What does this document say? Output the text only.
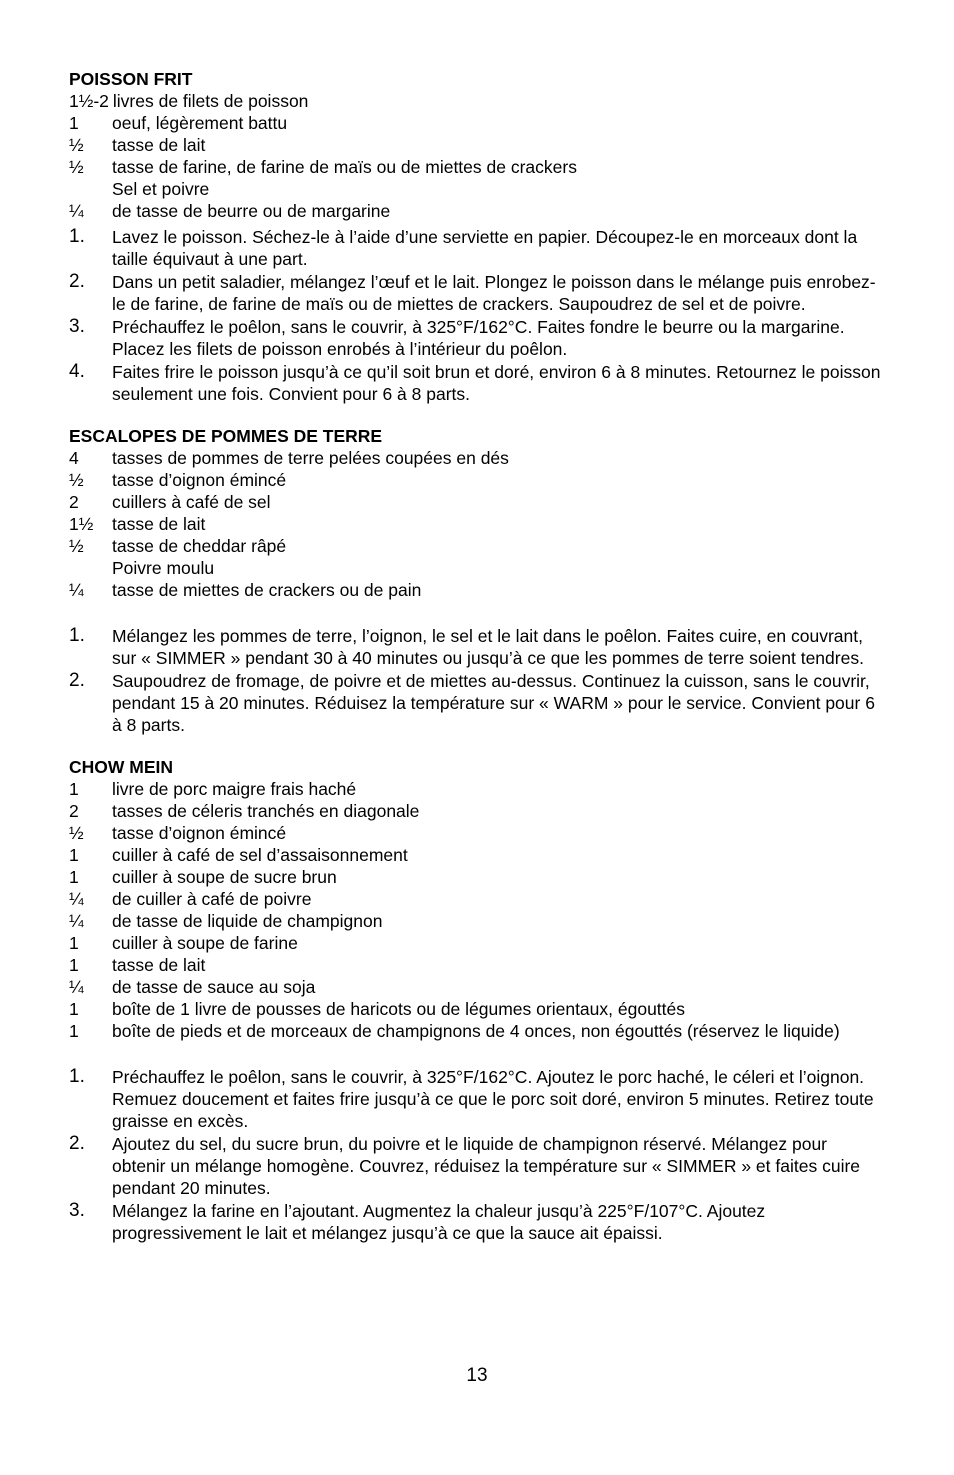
POISSON FRIT
1½-2 livres de filets de poisson
1	oeuf, légèrement battu
½	tasse de lait
½	tasse de farine, de farine de maïs ou de miettes de crackers
Sel et poivre
¼	de tasse de beurre ou de margarine
1.	Lavez le poisson. Séchez-le à l’aide d’une serviette en papier. Découpez-le en morceaux dont la taille équivaut à une part.
2.	Dans un petit saladier, mélangez l’œuf et le lait. Plongez le poisson dans le mélange puis enrobez-le de farine, de farine de maïs ou de miettes de crackers. Saupoudrez de sel et de poivre.
3.	Préchauffez le poêlon, sans le couvrir, à 325°F/162°C. Faites fondre le beurre ou la margarine. Placez les filets de poisson enrobés à l’intérieur du poêlon.
4.	Faites frire le poisson jusqu’à ce qu’il soit brun et doré, environ 6 à 8 minutes. Retournez le poisson seulement une fois. Convient pour 6 à 8 parts.
ESCALOPES DE POMMES DE TERRE
4	tasses de pommes de terre pelées coupées en dés
½	tasse d’oignon émincé
2	cuillers à café de sel
1½	tasse de lait
½	tasse de cheddar râpé
Poivre moulu
¼	tasse de miettes de crackers ou de pain
1.	Mélangez les pommes de terre, l’oignon, le sel et le lait dans le poêlon. Faites cuire, en couvrant, sur « SIMMER » pendant 30 à 40 minutes ou jusqu’à ce que les pommes de terre soient tendres.
2.	Saupoudrez de fromage, de poivre et de miettes au-dessus. Continuez la cuisson, sans le couvrir, pendant 15 à 20 minutes. Réduisez la température sur « WARM » pour le service. Convient pour 6 à 8 parts.
CHOW MEIN
1	livre de porc maigre frais haché
2	tasses de céleris tranchés en diagonale
½	tasse d’oignon émincé
1	cuiller à café de sel d’assaisonnement
1	cuiller à soupe de sucre brun
¼	de cuiller à café de poivre
¼	de tasse de liquide de champignon
1	cuiller à soupe de farine
1	tasse de lait
¼	de tasse de sauce au soja
1	boîte de 1 livre de pousses de haricots ou de légumes orientaux, égouttés
1	boîte de pieds et de morceaux de champignons de 4 onces, non égouttés (réservez le liquide)
1.	Préchauffez le poêlon, sans le couvrir, à 325°F/162°C. Ajoutez le porc haché, le céleri et l’oignon. Remuez doucement et faites frire jusqu’à ce que le porc soit doré, environ 5 minutes. Retirez toute graisse en excès.
2.	Ajoutez du sel, du sucre brun, du poivre et le liquide de champignon réservé. Mélangez pour obtenir un mélange homogène. Couvrez, réduisez la température sur « SIMMER » et faites cuire pendant 20 minutes.
3.	Mélangez la farine en l’ajoutant. Augmentez la chaleur jusqu’à 225°F/107°C. Ajoutez progressivement le lait et mélangez jusqu’à ce que la sauce ait épaissi.
13
